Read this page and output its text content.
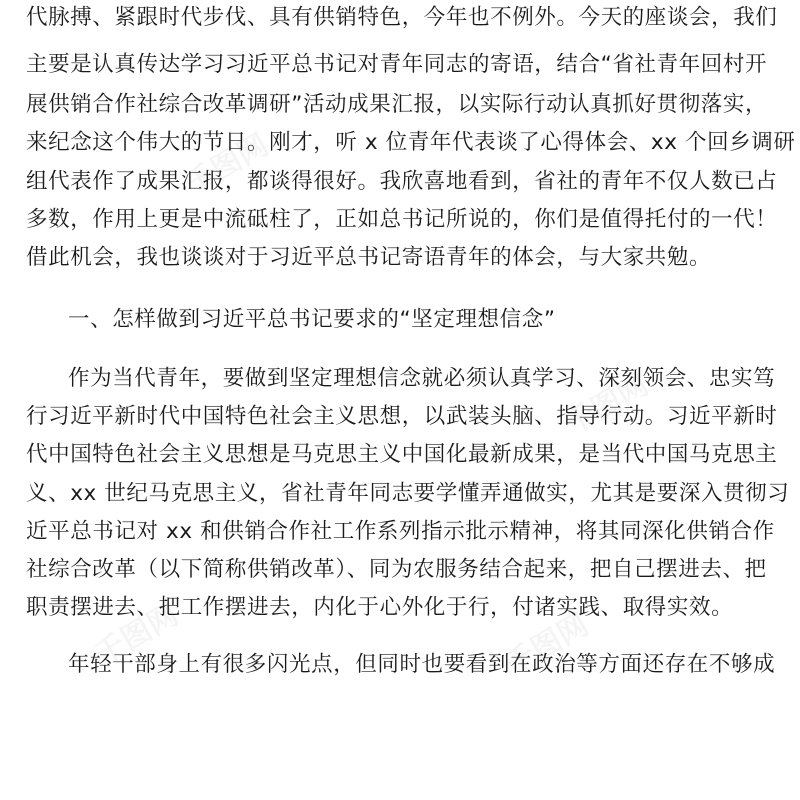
代脉搏、紧跟时代步伐、具有供销特色，今年也不例外。今天的座谈会，我们
主要是认真传达学习习近平总书记对青年同志的寄语，结合“省社青年回村开
展供销合作社综合改革调研”活动成果汇报，以实际行动认真抓好贯彻落实，
来纪念这个伟大的节日。刚才，听 x 位青年代表谈了心得体会、xx 个回乡调研
组代表作了成果汇报，都谈得很好。我欣喜地看到，省社的青年不仅人数已占
多数，作用上更是中流砥柱了，正如总书记所说的，你们是值得托付的一代！
借此机会，我也谈谈对于习近平总书记寄语青年的体会，与大家共勉。
一、怎样做到习近平总书记要求的“坚定理想信念”
作为当代青年，要做到坚定理想信念就必须认真学习、深刻领会、忠实笃
行习近平新时代中国特色社会主义思想，以武装头脑、指导行动。习近平新时
代中国特色社会主义思想是马克思主义中国化最新成果，是当代中国马克思主
义、xx 世纪马克思主义，省社青年同志要学懂弄通做实，尤其是要深入贯彻习
近平总书记对 xx 和供销合作社工作系列指示批示精神，将其同深化供销合作
社综合改革（以下简称供销改革）、同为农服务结合起来，把自己摆进去、把
职责摆进去、把工作摆进去，内化于心外化于行，付诸实践、取得实效。
年轻干部身上有很多闪光点，但同时也要看到在政治等方面还存在不够成
